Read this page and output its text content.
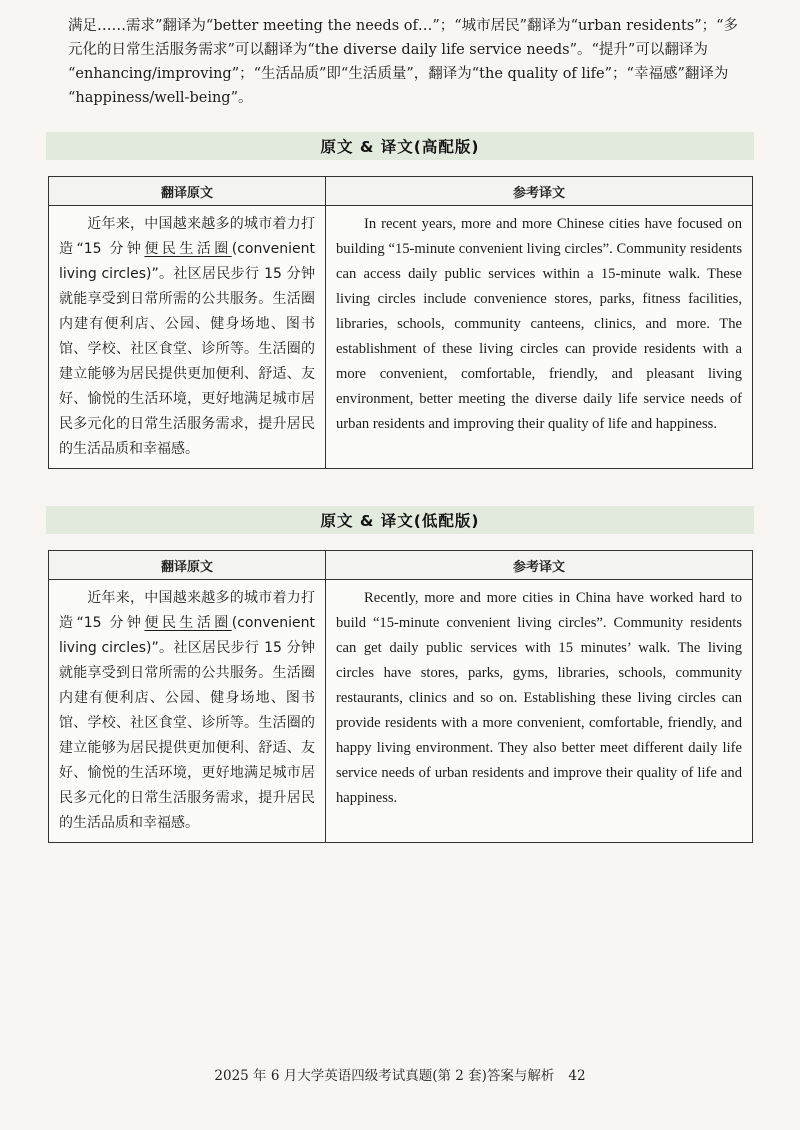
满足……需求”翻译为“better meeting the needs of…”；“城市居民”翻译为“urban residents”；“多

元化的日常生活服务需求”可以翻译为“the diverse daily life service needs”。“提升”可以翻译为

“enhancing/improving”；“生活品质”即“生活质量”，翻译为“the quality of life”；“幸福感”翻译为

“happiness/well-being”。

原文 & 译文(高配版)
翻译原文	参考译文
近年来，中国越来越多的城市着力打造“15 分钟便民生活圈(convenient living circles)”。社区居民步行 15 分钟就能享受到日常所需的公共服务。生活圈内建有便利店、公园、健身场地、图书馆、学校、社区食堂、诊所等。生活圈的建立能够为居民提供更加便利、舒适、友好、愉悦的生活环境，更好地满足城市居民多元化的日常生活服务需求，提升居民的生活品质和幸福感。	In recent years, more and more Chinese cities have focused on building “15-minute convenient living circles”. Community residents can access daily public services within a 15-minute walk. These living circles include convenience stores, parks, fitness facilities, libraries, schools, community canteens, clinics, and more. The establishment of these living circles can provide residents with a more convenient, comfortable, friendly, and pleasant living environment, better meeting the diverse daily life service needs of urban residents and improving their quality of life and happiness.
原文 & 译文(低配版)
翻译原文	参考译文
近年来，中国越来越多的城市着力打造“15 分钟便民生活圈(convenient living circles)”。社区居民步行 15 分钟就能享受到日常所需的公共服务。生活圈内建有便利店、公园、健身场地、图书馆、学校、社区食堂、诊所等。生活圈的建立能够为居民提供更加便利、舒适、友好、愉悦的生活环境，更好地满足城市居民多元化的日常生活服务需求，提升居民的生活品质和幸福感。	Recently, more and more cities in China have worked hard to build “15-minute convenient living circles”. Community residents can get daily public services with 15 minutes’ walk. The living circles have stores, parks, gyms, libraries, schools, community restaurants, clinics and so on. Establishing these living circles can provide residents with a more convenient, comfortable, friendly, and happy living environment. They also better meet different daily life service needs of urban residents and improve their quality of life and happiness.
2025 年 6 月大学英语四级考试真题(第 2 套)答案与解析 42
